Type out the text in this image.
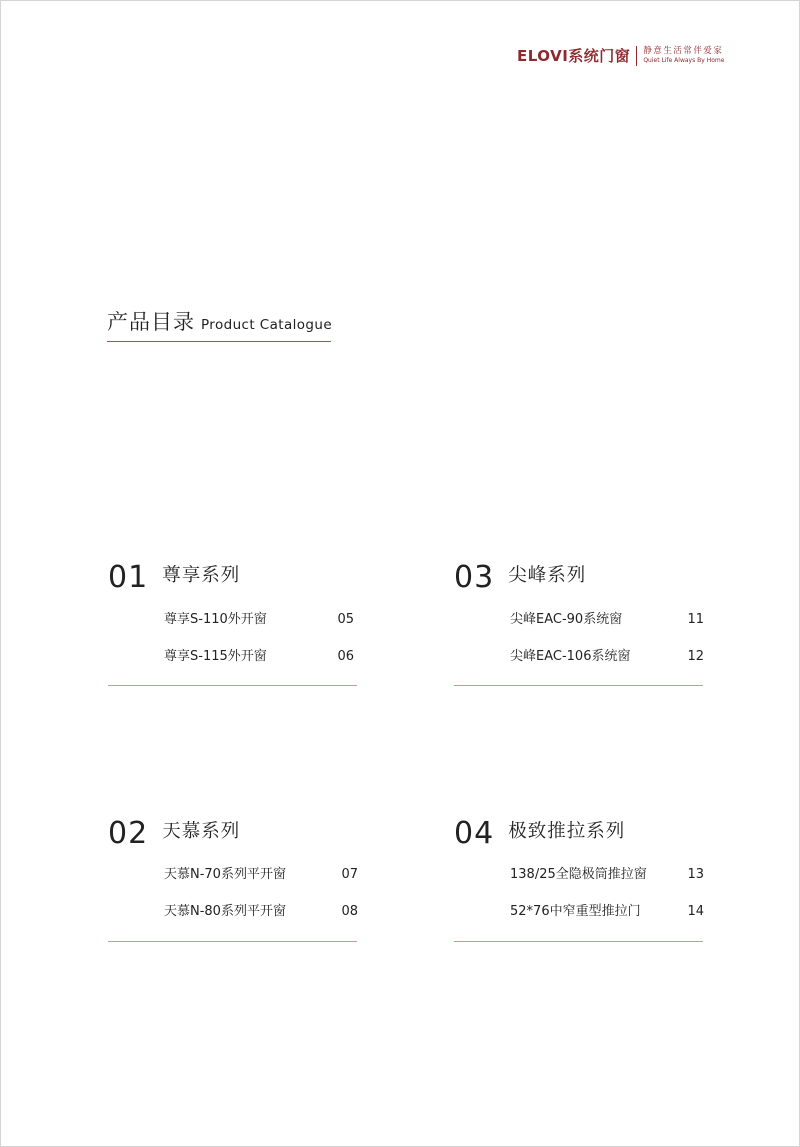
ELOVI系统门窗 静意生活常伴爱家
Quiet Life Always By Home
产品目录 Product Catalogue
01 尊享系列
尊享S-110外开窗	05
尊享S-115外开窗	06
03 尖峰系列
尖峰EAC-90系统窗	11
尖峰EAC-106系统窗	12
02 天慕系列
天慕N-70系列平开窗	07
天慕N-80系列平开窗	08
04 极致推拉系列
138/25全隐极筒推拉窗	13
52*76中窄重型推拉门	14
